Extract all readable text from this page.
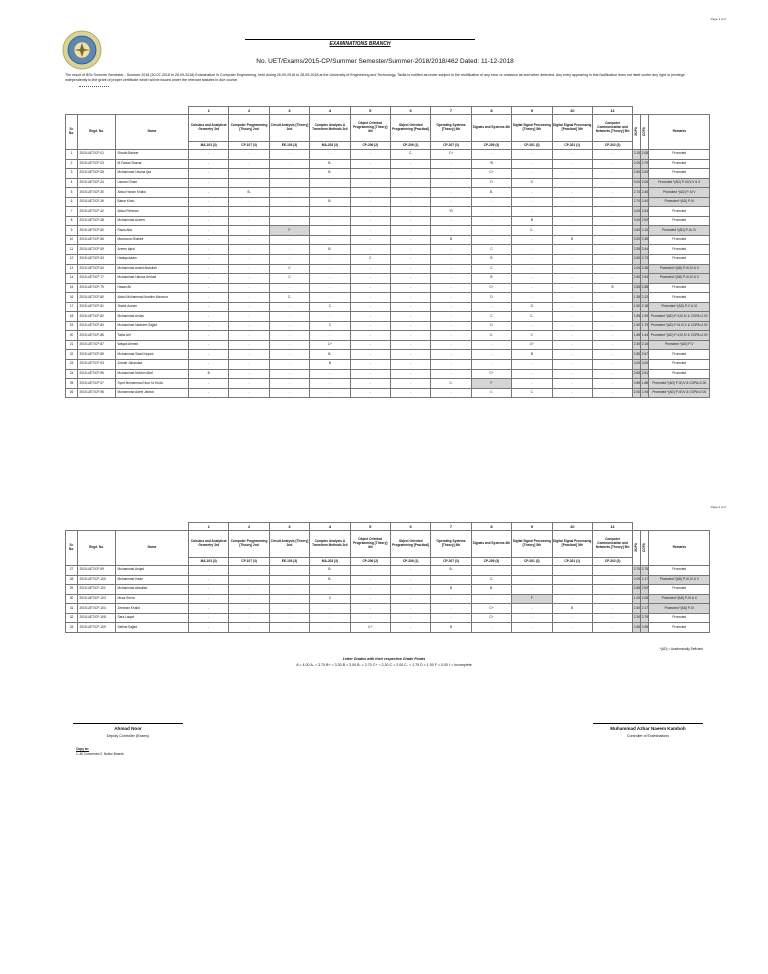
Page 1 of 2
EXAMINATIONS BRANCH
No. UET/Exams/2015-CP/Summer Semester/Summer-2018/2018/462 Dated: 11-12-2018
The result of BSc Summer Semester - Summer 2018 (30-07-2018 to 28-09-2018) Examination in Computer Engineering, held during 26-09-2018 to 28-09-2018 at the University of Engineering and Technology, Taxila is notified as under subject to the rectification of any error or omission as and when detected. Any entry appearing in this Notification does not itself confer any right or privilege independently to the grant of proper certificate which will be issued under the relevant statutes in due course.
			1	2	3	4	5	6	7	8	9	10	11			
Sr. No.	Regd. No.	Name	Calculus and Analytical Geometry 3rd	Computer Programming [Theory] 2nd	Circuit Analysis [Theory] 2nd	Complex Analysis & Transform Methods 3rd	Object Oriented Programming [Theory] 4th	Object Oriented Programming [Practical]	Operating Systems [Theory] 4th	Signals and Systems 4th	Digital Signal Processing [Theory] 5th	Digital Signal Processing [Practical] 5th	Computer Communication and Networks [Theory] 5th	SGPA	CGPA	Remarks
			MA-103 (3)	CP-107 (3)	EE-103 (3)	MA-203 (3)	CP-206 (2)	CP-206 (1)	CP-207 (3)	CP-209 (3)	CP-301 (3)	CP-301 (1)	CP-302 (3)			
1	2015-UET/CP-01	Shoaib Baheer	-	-	-	-	-	C-	C+	-	-	-	-	2.15	2.08	Promoted
2	2015-UET/CP-03	M.Faizan Shazar	-	-	-	B-	-	-	-	*D	-	-	-	2.00	2.79	Promoted
3	2015-UET/CP-08	Muhammad Usama Ijaz	-	-	-	B-	-	-	-	C+	-	-	-	2.50	2.53	Promoted
4	2015-UET/CP-24	Usman Ghani	-	-	-	-	-	-	-	D	D	-	-	0.00	2.06	Promoted *(AD) P-III,IV,V & X
5	2015-UET/CP-30	Abdul Hanan Khalid	-	B-	-	-	-	-	-	B-	-	-	-	2.70	2.46	Promoted *(AD) P-IV,V
6	2015-UET/CP-36	Babar Khan	-	-	-	B-	-	-	-	-	-	-	-	2.70	2.40	Promoted *(AD) P-III
7	2015-UET/CP-42	Abdul Rehman	-	-	-	-	-	-	*D	-	-	-	-	3.00	2.53	Promoted
8	2015-UET/CP-48	Muhammad Azeem	-	-	-	-	-	-	-	-	B	-	-	3.00	2.92	Promoted
9	2015-UET/CP-50	Raiza Alfa	-	-	F	-	-	-	-	-	C-	-	-	0.80	2.15	Promoted *(AD) P-III, IV
10	2015-UET/CP-56	Mamoona Shabbir	-	-	-	-	-	-	B	-	-	B	-	3.00	2.45	Promoted
11	2015-UET/CP-59	Areem Iqbal	-	-	-	B-	-	-	-	C	-	-	-	2.35	2.44	Promoted
12	2015-UET/CP-63	Hadiqa Aaam	-	-	-	-	C	-	-	B	-	-	-	2.60	2.73	Promoted
13	2015-UET/CP-64	Muhammad Awaid Abdullah	-	-	C	-	-	-	-	C	-	-	-	2.00	2.38	Promoted *(AD) P-III,IV & V
14	2015-UET/CP-77	Muhammad Hamza Arshad	-	-	C	-	-	-	-	B	-	-	-	2.50	2.54	Promoted *(AD) P-III,IV & V
15	2015-UET/CP-79	Hasan Ali	-	-	-	-	-	-	-	C+	-	-	B	2.65	2.58	Promoted
16	2015-UET/CP-80	Abdul Muhammad Ibrahim Mansoor	-	-	C-	-	-	-	-	D	-	-	-	1.35	2.12	Promoted
17	2015-UET/CP-81	Shakir Azeem	-	-	-	C	-	-	-	-	D	-	-	1.50	2.18	Promoted *(AD) P-V & VI
18	2015-UET/CP-82	Muhammad Arslan	-	-	-	-	-	-	-	C	C-	-	-	1.85	1.99	Promoted *(AD) P-II,III,IV & CGPA<2.00
19	2015-UET/CP-83	Muhammad Nadeem Sajjad	-	-	-	C	-	-	-	D	-	-	-	1.50	1.79	Promoted *(AD) P-III,IV,V & CGPA<2.00
20	2015-UET/CP-86	Talha Arif	-	-	-	-	-	-	-	C-	C	-	-	1.85	1.64	Promoted *(AD) P-II,III,IV & CGPA<2.00
21	2015-UET/CP-87	Waqas Ahmed	-	-	-	C+	-	-	-	-	C+	-	-	2.30	2.16	Promoted *(AD) P-V
22	2015-UET/CP-89	Muhammad Saad Kayani	-	-	-	B-	-	-	-	-	B	-	-	2.85	2.67	Promoted
23	2015-UET/CP-93	Zohaib Jahandad	-	-	-	B	-	-	-	-	-	-	-	3.00	3.00	Promoted
24	2015-UET/CP-96	Muhammad Mohsin Altaf	B	-	-	-	-	-	-	C+	-	-	-	2.65	2.51	Promoted
25	2015-UET/CP-97	Syed Muhammad Noor Ul Huda	-	-	-	-	-	-	C-	F	-	-	-	0.85	1.88	Promoted *(AD) P-III,IV & CGPA<2.00
26	2015-UET/CP-98	Muhammad Adeel Jabbar	-	-	-	-	-	-	-	C	C	-	-	2.00	1.94	Promoted *(AD) P-III,IV & CGPA<2.00
Page 2 of 2
			1	2	3	4	5	6	7	8	9	10	11			
Sr. No.	Regd. No.	Name	Calculus and Analytical Geometry 3rd	Computer Programming [Theory] 2nd	Circuit Analysis [Theory] 2nd	Complex Analysis & Transform Methods 3rd	Object Oriented Programming [Theory] 4th	Object Oriented Programming [Practical]	Operating Systems [Theory] 4th	Signals and Systems 4th	Digital Signal Processing [Theory] 5th	Digital Signal Processing [Practical] 5th	Computer Communication and Networks [Theory] 5th	SGPA	CGPA	Remarks
			MA-103 (3)	CP-107 (3)	EE-103 (3)	MA-203 (3)	CP-206 (2)	CP-206 (1)	CP-207 (3)	CP-209 (3)	CP-301 (3)	CP-301 (1)	CP-302 (3)			
27	2015-UET/CP-99	Muhammad Amjad	-	-	-	B-	-	-	B-	-	-	-	-	2.70	2.75	Promoted
28	2015-UET/CP-100	Muhammad Ihsan	-	-	-	B-	-	-	-	C-	-	-	-	2.09	2.17	Promoted *(AD) P-III,IV & V
29	2015-UET/CP-101	Muhammad Attaullah	-	-	-	-	-	-	B	B-	-	-	-	2.85	2.92	Promoted
30	2015-UET/CP-103	Moaz Shera	-	-	-	C	-	-	-	-	F	-	-	1.00	2.08	Promoted *(AD) P-III & X
31	2015-UET/CP-104	Zeeshan Khalid	-	-	-	-	-	-	-	C+	-	B	-	2.50	2.17	Promoted *(AD) P-III
32	2015-UET/CP-108	Sara Laiqat	-	-	-	-	-	-	-	C+	-	-	-	2.30	2.79	Promoted
33	2015-UET/CP-109	Saifina Sajjad	-	-	-	-	C+	-	B	-	-	-	-	2.65	2.95	Promoted
*(AD) = Academically Deficient
Letter Grades with their respective Grade Points
A = 4.00 A- = 3.70 B+ = 3.30 B = 3.00 B- = 2.70 C+ = 2.30 C = 2.00 C- = 1.70 D = 1.00 F = 0.00 I = Incomplete
Ahmad Noor
Deputy Controller (Exams)
Muhammad Azhar Naeem Kamboh
Controller of Examinations
Copy to:
1. All Concerned 2. Notice Boards
